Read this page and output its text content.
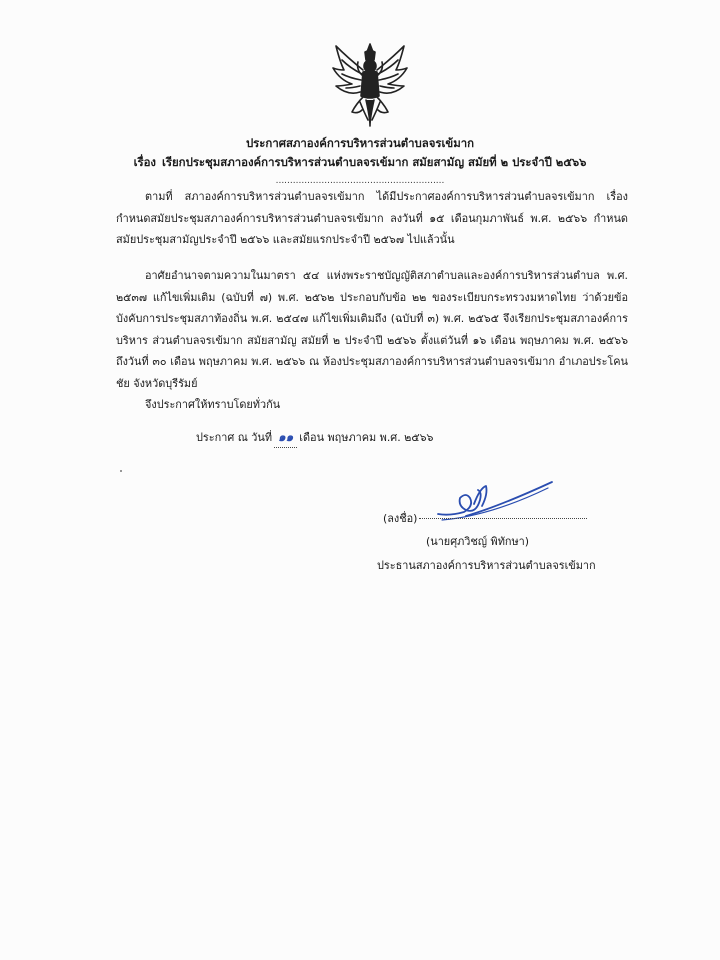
ประกาศสภาองค์การบริหารส่วนตำบลจรเข้มาก
เรื่อง เรียกประชุมสภาองค์การบริหารส่วนตำบลจรเข้มาก สมัยสามัญ สมัยที่ ๒ ประจำปี ๒๕๖๖
...........................................................

ตามที่ สภาองค์การบริหารส่วนตำบลจรเข้มาก ได้มีประกาศองค์การบริหารส่วนตำบลจรเข้มาก เรื่อง กำหนดสมัยประชุมสภาองค์การบริหารส่วนตำบลจรเข้มาก ลงวันที่ ๑๕ เดือนกุมภาพันธ์ พ.ศ. ๒๕๖๖ กำหนดสมัยประชุมสามัญประจำปี ๒๕๖๖ และสมัยแรกประจำปี ๒๕๖๗ ไปแล้วนั้น

อาศัยอำนาจตามความในมาตรา ๕๔ แห่งพระราชบัญญัติสภาตำบลและองค์การบริหารส่วนตำบล พ.ศ. ๒๕๓๗ แก้ไขเพิ่มเติม (ฉบับที่ ๗) พ.ศ. ๒๕๖๒ ประกอบกับข้อ ๒๒ ของระเบียบกระทรวงมหาดไทย ว่าด้วยข้อบังคับการประชุมสภาท้องถิ่น พ.ศ. ๒๕๔๗ แก้ไขเพิ่มเติมถึง (ฉบับที่ ๓) พ.ศ. ๒๕๖๕ จึงเรียกประชุมสภาองค์การบริหาร ส่วนตำบลจรเข้มาก สมัยสามัญ สมัยที่ ๒ ประจำปี ๒๕๖๖ ตั้งแต่วันที่ ๑๖ เดือน พฤษภาคม พ.ศ. ๒๕๖๖ ถึงวันที่ ๓๐ เดือน พฤษภาคม พ.ศ. ๒๕๖๖ ณ ห้องประชุมสภาองค์การบริหารส่วนตำบลจรเข้มาก อำเภอประโคนชัย จังหวัดบุรีรัมย์

จึงประกาศให้ทราบโดยทั่วกัน
ประกาศ ณ วันที่ ๑๑ เดือน พฤษภาคม พ.ศ. ๒๕๖๖
(ลงชื่อ)
(นายศุภวิชญ์ พิทักษา)
ประธานสภาองค์การบริหารส่วนตำบลจรเข้มาก
